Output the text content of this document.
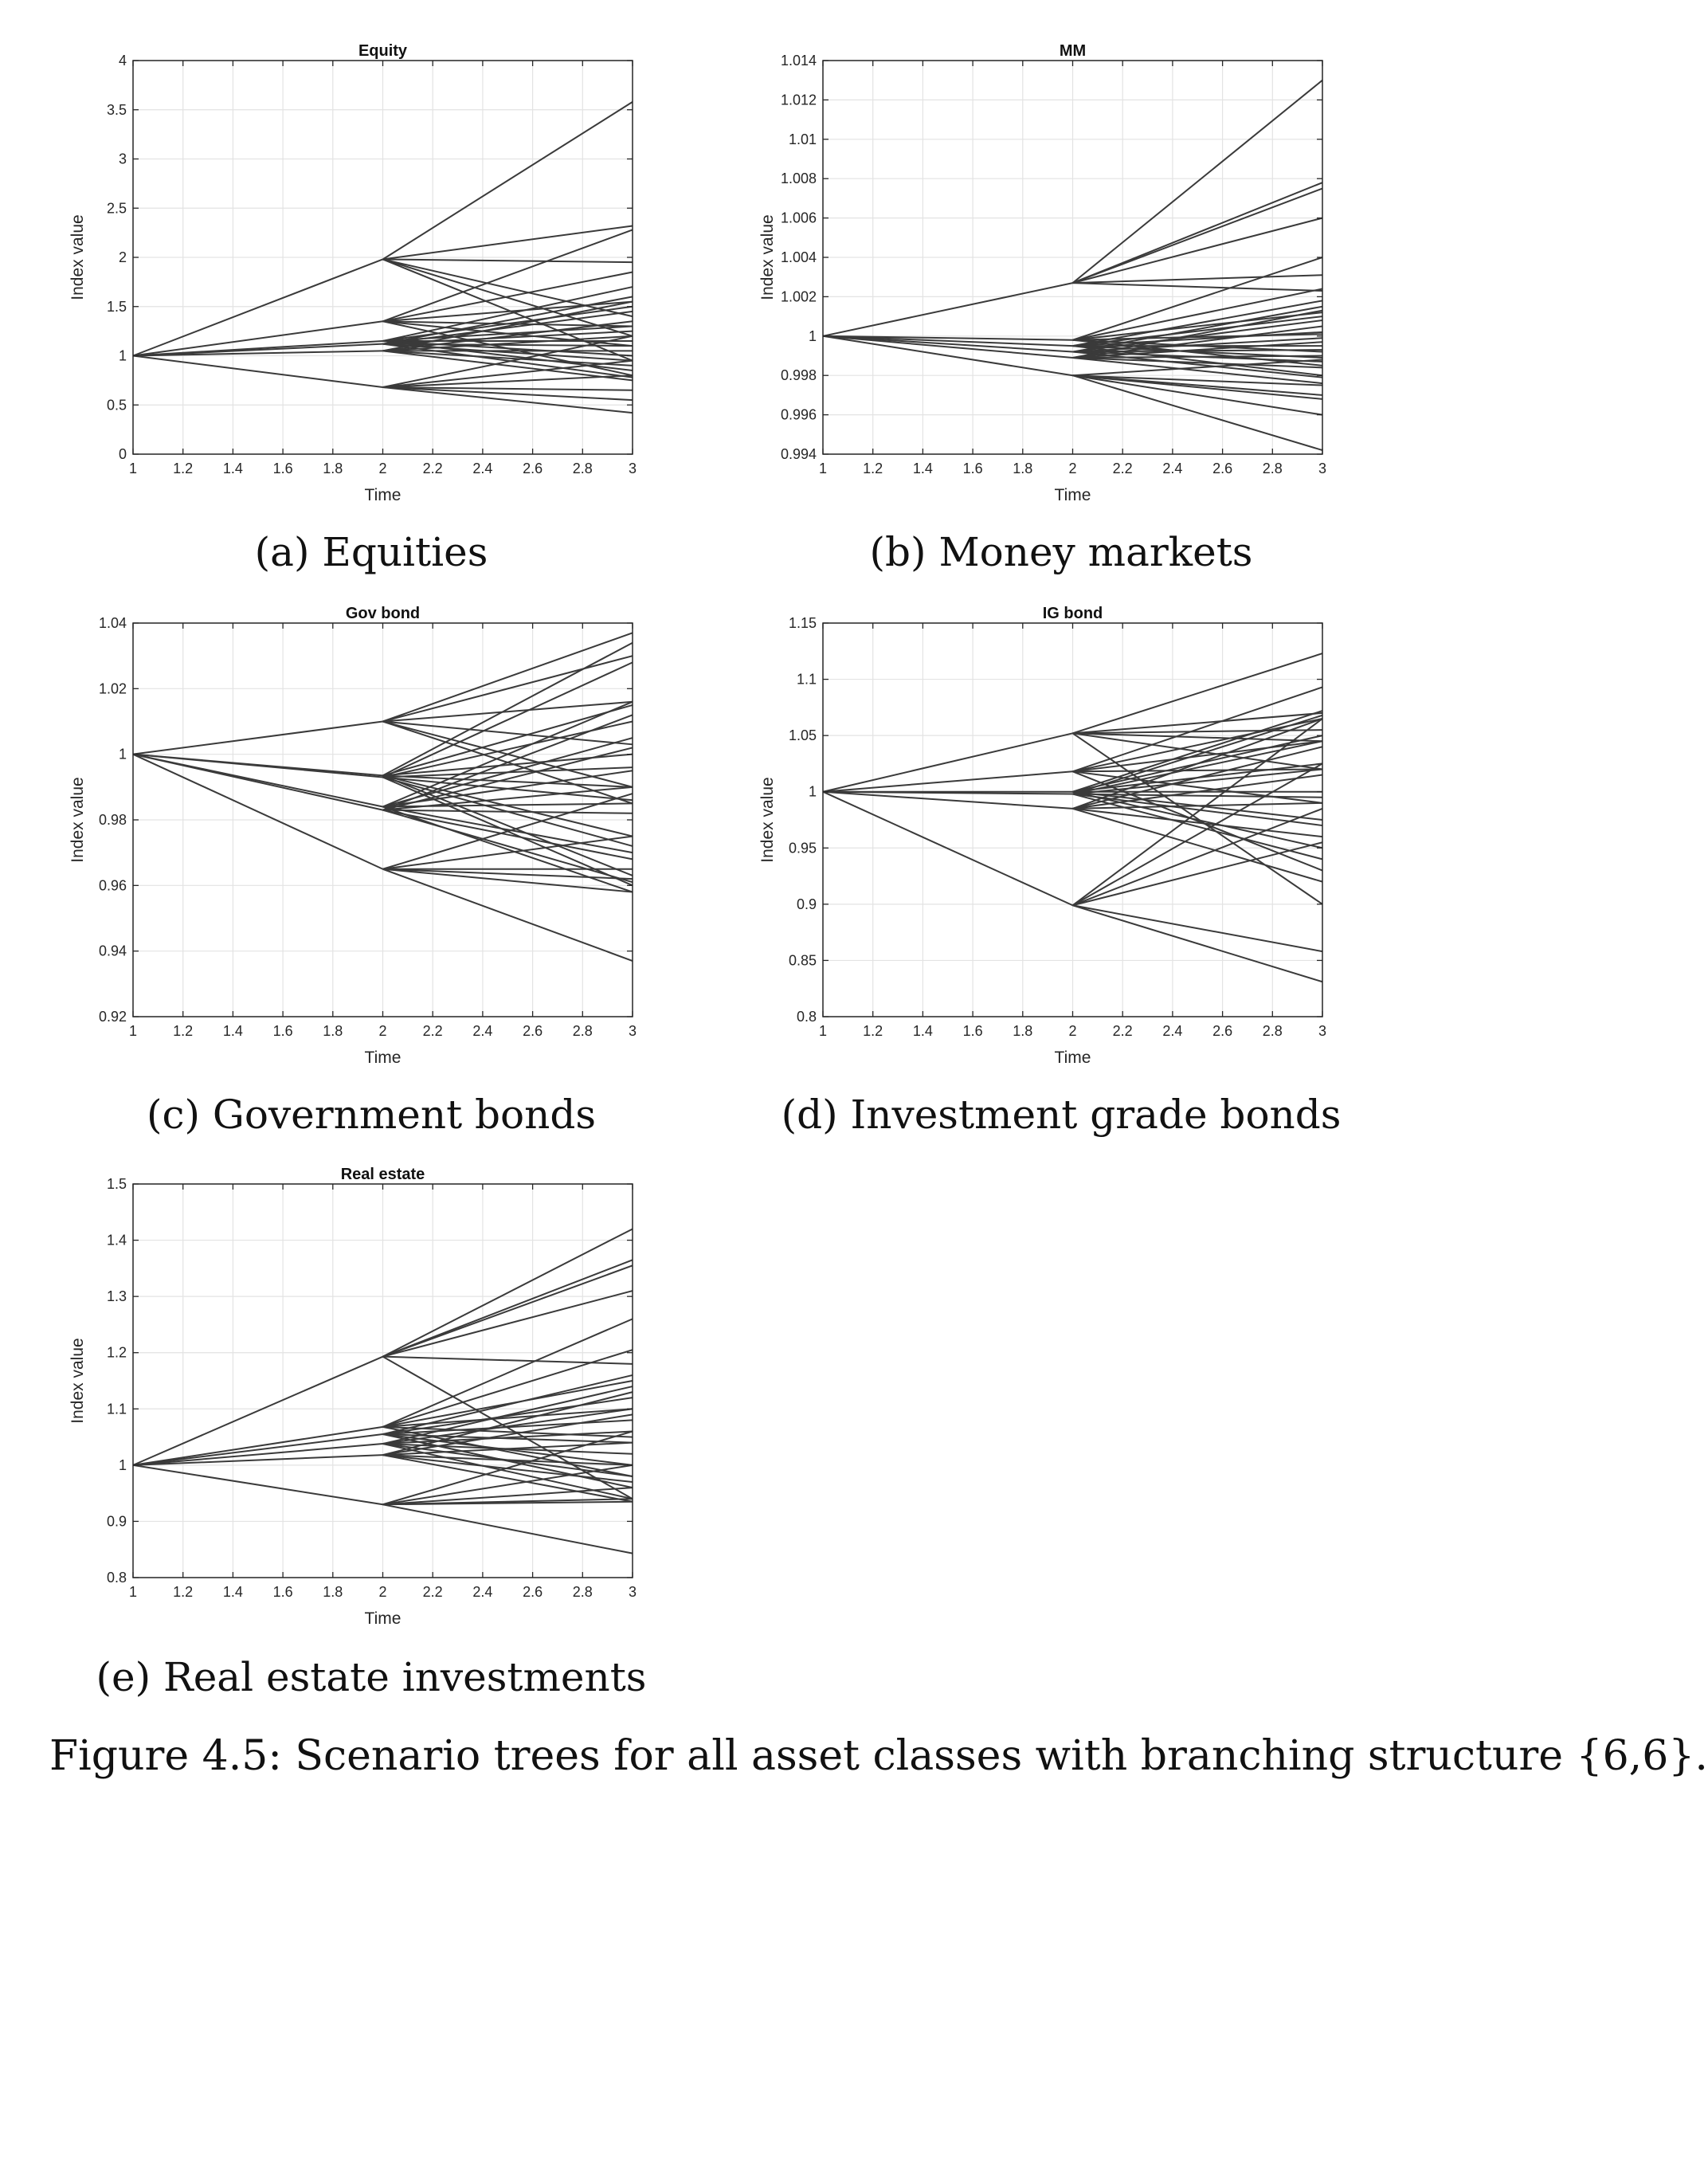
1	1.2 1.4 1.6 1.8	2	2.2 2.4 2.6 2.8	3
0
0.5
1
1.5
2
2.5
3
3.5
4
Equity
Time
Index value
(a) Equities
1	1.2 1.4 1.6 1.8	2	2.2 2.4 2.6 2.8	3
0.994
0.996
0.998
1
1.002
1.004
1.006
1.008
1.01
1.012
1.014
MM
Time
Index value
(b) Money markets
1	1.2 1.4 1.6 1.8	2	2.2 2.4 2.6 2.8	3
0.92
0.94
0.96
0.98
1
1.02
1.04
Gov bond
Time
Index value
(c) Government bonds
1	1.2 1.4 1.6 1.8	2	2.2 2.4 2.6 2.8	3
0.8
0.85
0.9
0.95
1
1.05
1.1
1.15
IG bond
Time
Index value
(d) Investment grade bonds
1	1.2 1.4 1.6 1.8	2	2.2 2.4 2.6 2.8	3
0.8
0.9
1
1.1
1.2
1.3
1.4
1.5
Real estate
Time
Index value
(e) Real estate investments
Figure 4.5: Scenario trees for all asset classes with branching structure {6,6}.
